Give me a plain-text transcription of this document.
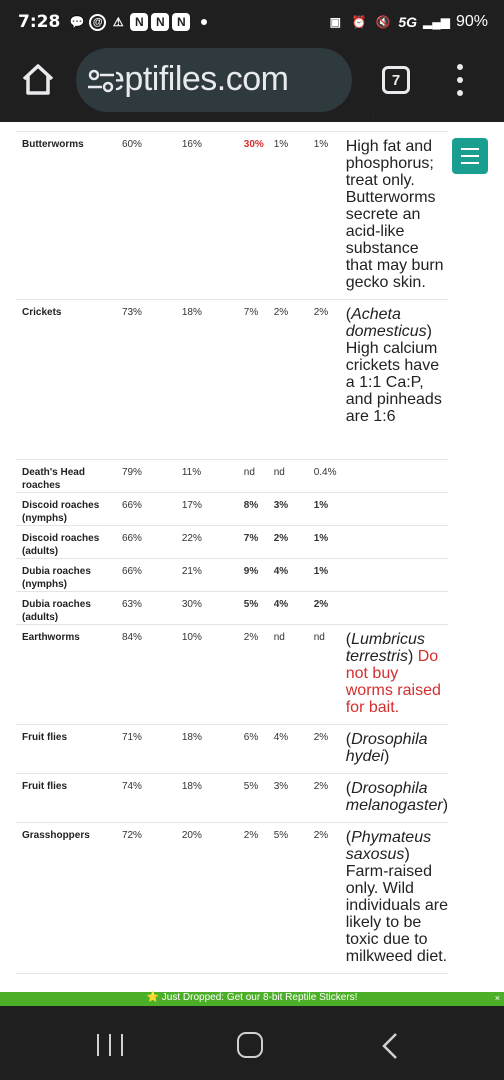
7:28 💬 @ ⚠ N	N	N	▣ ⏰ 🔇 5G ▂▄▆ 90%
eptifiles.com	7

worms.
Butterworms	60%	16%	30%	1%	1%	High fat and phosphorus; treat only. Butterworms secrete an acid-like substance that may burn gecko skin.
Crickets	73%	18%	7%	2%	2%	(Acheta domesticus) High calcium crickets have a 1:1 Ca:P, and pinheads are 1:6
Death's Head roaches	79%	11%	nd	nd	0.4%	
Discoid roaches (nymphs)	66%	17%	8%	3%	1%	
Discoid roaches (adults)	66%	22%	7%	2%	1%	
Dubia roaches (nymphs)	66%	21%	9%	4%	1%	
Dubia roaches (adults)	63%	30%	5%	4%	2%	
Earthworms	84%	10%	2%	nd	nd	(Lumbricus terrestris) Do not buy worms raised for bait.
Fruit flies	71%	18%	6%	4%	2%	(Drosophila hydei)
Fruit flies	74%	18%	5%	3%	2%	(Drosophila melanogaster)
Grasshoppers	72%	20%	2%	5%	2%	(Phymateus saxosus) Farm-raised only. Wild individuals are likely to be toxic due to milkweed diet.
⭐ Just Dropped: Get our 8-bit Reptile Stickers!	×
